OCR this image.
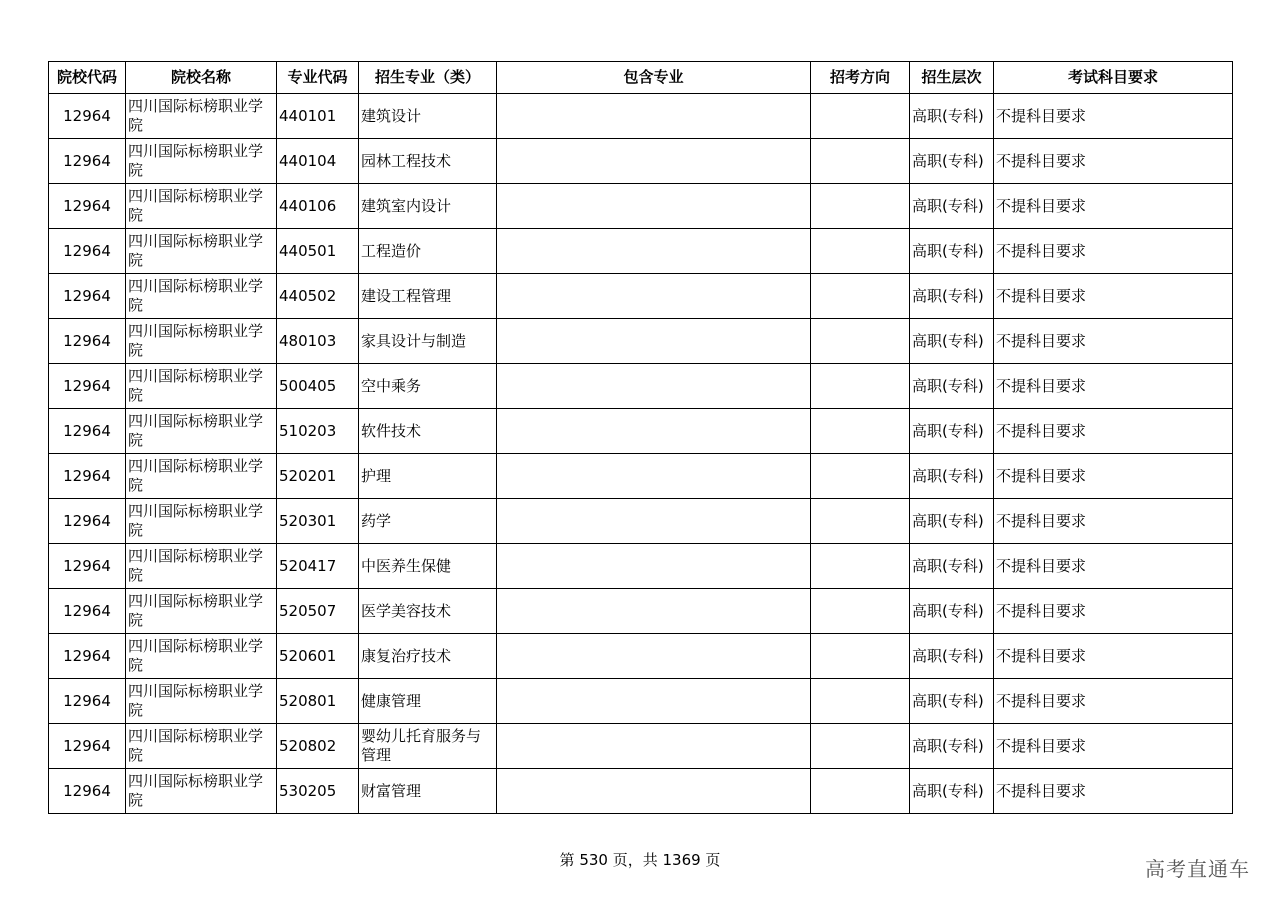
院校代码	院校名称	专业代码	招生专业（类）	包含专业	招考方向	招生层次	考试科目要求
12964	四川国际标榜职业学院	440101	建筑设计			高职(专科)	不提科目要求
12964	四川国际标榜职业学院	440104	园林工程技术			高职(专科)	不提科目要求
12964	四川国际标榜职业学院	440106	建筑室内设计			高职(专科)	不提科目要求
12964	四川国际标榜职业学院	440501	工程造价			高职(专科)	不提科目要求
12964	四川国际标榜职业学院	440502	建设工程管理			高职(专科)	不提科目要求
12964	四川国际标榜职业学院	480103	家具设计与制造			高职(专科)	不提科目要求
12964	四川国际标榜职业学院	500405	空中乘务			高职(专科)	不提科目要求
12964	四川国际标榜职业学院	510203	软件技术			高职(专科)	不提科目要求
12964	四川国际标榜职业学院	520201	护理			高职(专科)	不提科目要求
12964	四川国际标榜职业学院	520301	药学			高职(专科)	不提科目要求
12964	四川国际标榜职业学院	520417	中医养生保健			高职(专科)	不提科目要求
12964	四川国际标榜职业学院	520507	医学美容技术			高职(专科)	不提科目要求
12964	四川国际标榜职业学院	520601	康复治疗技术			高职(专科)	不提科目要求
12964	四川国际标榜职业学院	520801	健康管理			高职(专科)	不提科目要求
12964	四川国际标榜职业学院	520802	婴幼儿托育服务与管理			高职(专科)	不提科目要求
12964	四川国际标榜职业学院	530205	财富管理			高职(专科)	不提科目要求
第 530 页，共 1369 页	高考直通车
